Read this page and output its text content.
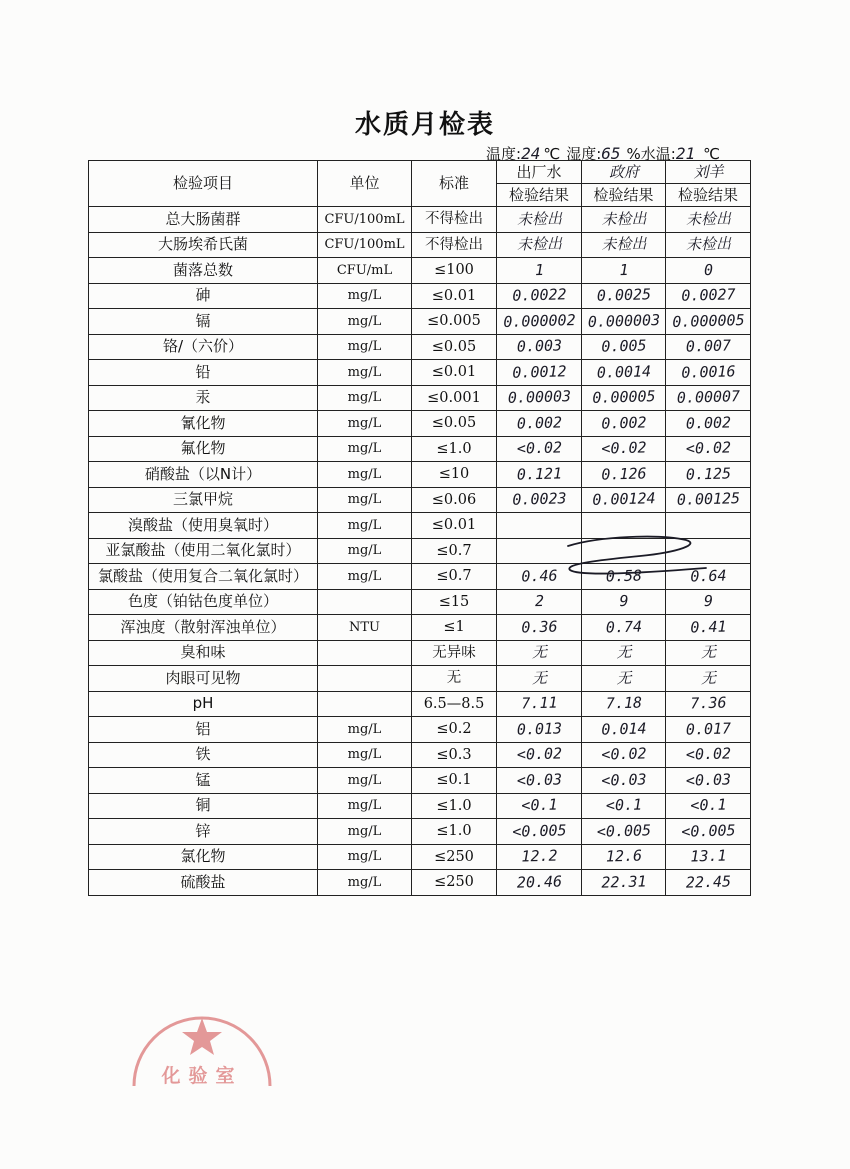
水质月检表
温度:24 ℃ 湿度:65 %水温:21 ℃
检验项目	单位	标准	出厂水	政府	刘羊
			检验结果	检验结果	检验结果
总大肠菌群	CFU/100mL	不得检出	未检出	未检出	未检出
大肠埃希氏菌	CFU/100mL	不得检出	未检出	未检出	未检出
菌落总数	CFU/mL	≤100	1	1	0
砷	mg/L	≤0.01	0.0022	0.0025	0.0027
镉	mg/L	≤0.005	0.000002	0.000003	0.000005
铬/（六价）	mg/L	≤0.05	0.003	0.005	0.007
铅	mg/L	≤0.01	0.0012	0.0014	0.0016
汞	mg/L	≤0.001	0.00003	0.00005	0.00007
氰化物	mg/L	≤0.05	0.002	0.002	0.002
氟化物	mg/L	≤1.0	<0.02	<0.02	<0.02
硝酸盐（以N计）	mg/L	≤10	0.121	0.126	0.125
三氯甲烷	mg/L	≤0.06	0.0023	0.00124	0.00125
溴酸盐（使用臭氧时）	mg/L	≤0.01			
亚氯酸盐（使用二氧化氯时）	mg/L	≤0.7			
氯酸盐（使用复合二氧化氯时）	mg/L	≤0.7	0.46	0.58	0.64
色度（铂钴色度单位）		≤15	2	9	9
浑浊度（散射浑浊单位）	NTU	≤1	0.36	0.74	0.41
臭和味		无异味	无	无	无
肉眼可见物		无	无	无	无
pH		6.5—8.5	7.11	7.18	7.36
铝	mg/L	≤0.2	0.013	0.014	0.017
铁	mg/L	≤0.3	<0.02	<0.02	<0.02
锰	mg/L	≤0.1	<0.03	<0.03	<0.03
铜	mg/L	≤1.0	<0.1	<0.1	<0.1
锌	mg/L	≤1.0	<0.005	<0.005	<0.005
氯化物	mg/L	≤250	12.2	12.6	13.1
硫酸盐	mg/L	≤250	20.46	22.31	22.45
化验室
